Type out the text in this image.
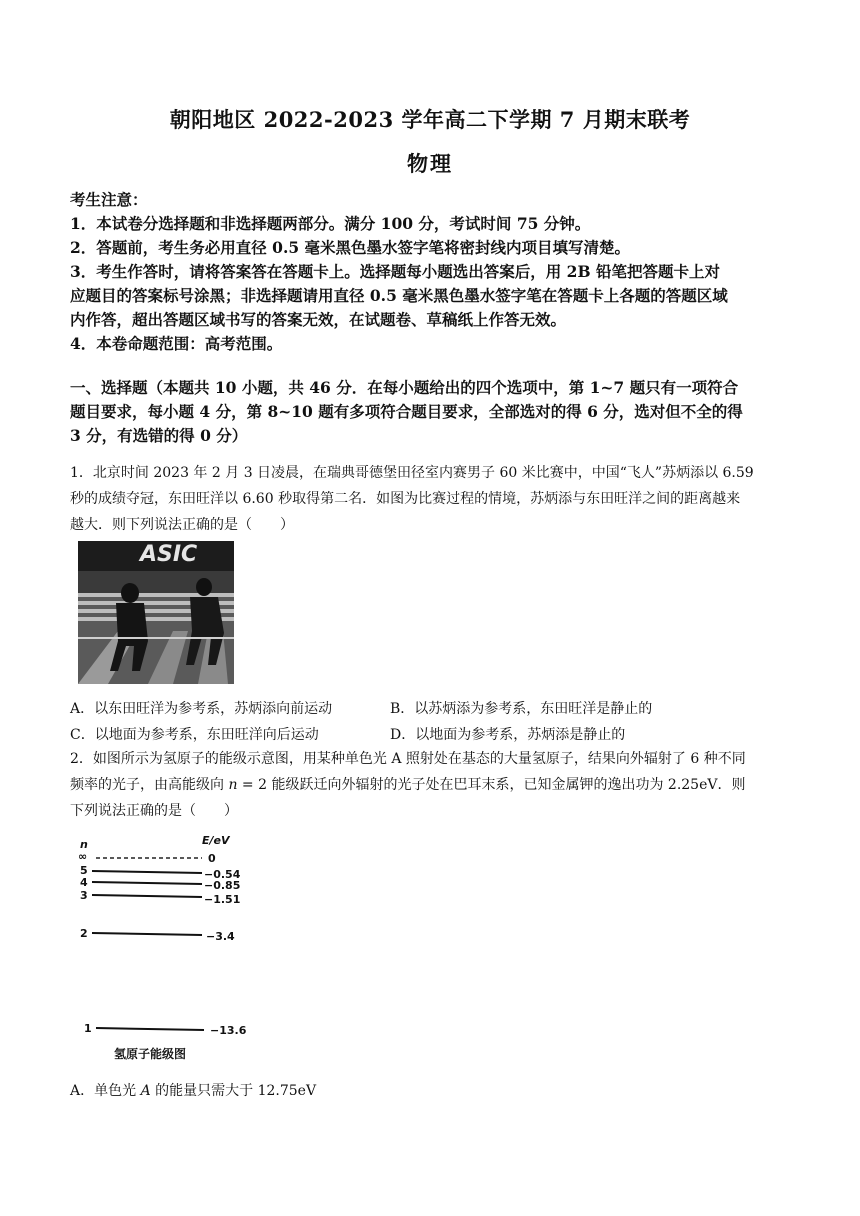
朝阳地区 2022-2023 学年高二下学期 7 月期末联考
物理

考生注意：

1．本试卷分选择题和非选择题两部分。满分 100 分，考试时间 75 分钟。

2．答题前，考生务必用直径 0.5 毫米黑色墨水签字笔将密封线内项目填写清楚。

3．考生作答时，请将答案答在答题卡上。选择题每小题选出答案后，用 2B 铅笔把答题卡上对

应题目的答案标号涂黑；非选择题请用直径 0.5 毫米黑色墨水签字笔在答题卡上各题的答题区域

内作答，超出答题区域书写的答案无效，在试题卷、草稿纸上作答无效。

4．本卷命题范围：高考范围。

一、选择题（本题共 10 小题，共 46 分．在每小题给出的四个选项中，第 1~7 题只有一项符合

题目要求，每小题 4 分，第 8~10 题有多项符合题目要求，全部选对的得 6 分，选对但不全的得

3 分，有选错的得 0 分）

1．北京时间 2023 年 2 月 3 日凌晨，在瑞典哥德堡田径室内赛男子 60 米比赛中，中国“飞人”苏炳添以 6.59

秒的成绩夺冠，东田旺洋以 6.60 秒取得第二名．如图为比赛过程的情境，苏炳添与东田旺洋之间的距离越来

越大．则下列说法正确的是（　　）

ASIC
A．以东田旺洋为参考系，苏炳添向前运动	B．以苏炳添为参考系，东田旺洋是静止的
C．以地面为参考系，东田旺洋向后运动	D．以地面为参考系，苏炳添是静止的

2．如图所示为氢原子的能级示意图，用某种单色光 A 照射处在基态的大量氢原子，结果向外辐射了 6 种不同

频率的光子，由高能级向 n = 2 能级跃迁向外辐射的光子处在巴耳末系，已知金属钾的逸出功为 2.25eV．则

下列说法正确的是（　　）

n	E/eV
∞	0
5	−0.54
4	−0.85
3	−1.51
2	−3.4
1	−13.6
氢原子能级图
A．单色光 A 的能量只需大于 12.75eV
